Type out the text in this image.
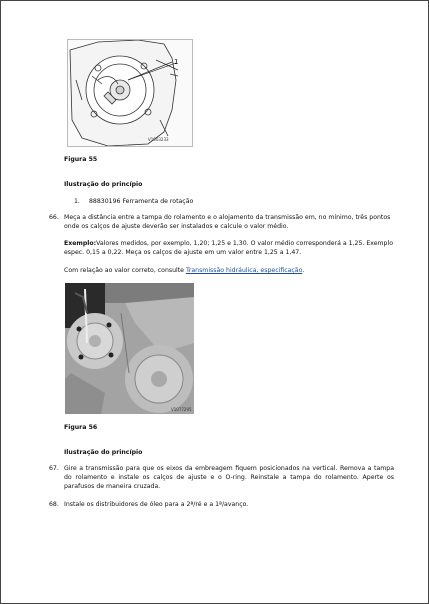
1
V1003233
Figura 55
Ilustração do princípio
1. 88830196 Ferramenta de rotação
66. Meça a distância entre a tampa do rolamento e o alojamento da transmissão em, no mínimo, três pontos onde os calços de ajuste deverão ser instalados e calcule o valor médio.
Exemplo:Valores medidos, por exemplo, 1,20; 1,25 e 1,30. O valor médio corresponderá a 1,25. Exemplo espec. 0,15 a 0,22. Meça os calços de ajuste em um valor entre 1,25 a 1,47.
Com relação ao valor correto, consulte Transmissão hidráulica, especificação.
V1077295
Figura 56
Ilustração do princípio
67. Gire a transmissão para que os eixos da embreagem fiquem posicionados na vertical. Remova a tampa do rolamento e instale os calços de ajuste e o O-ring. Reinstale a tampa do rolamento. Aperte os parafusos de maneira cruzada.
68. Instale os distribuidores de óleo para a 2ª/ré e a 1ª/avanço.
